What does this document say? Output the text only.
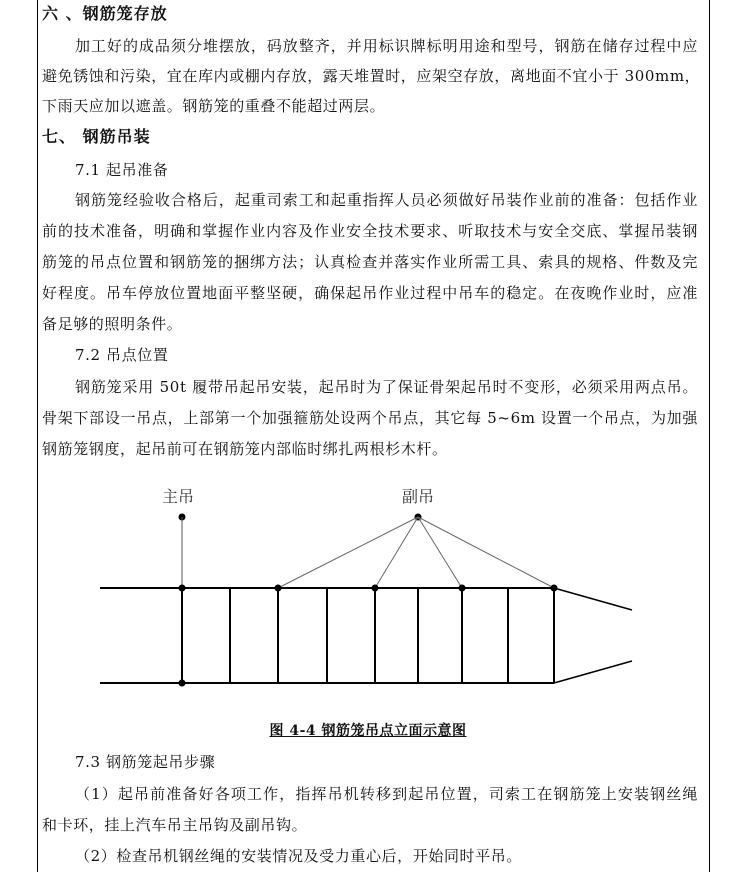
六 、钢筋笼存放
加工好的成品须分堆摆放，码放整齐，并用标识牌标明用途和型号，钢筋在储存过程中应
避免锈蚀和污染，宜在库内或棚内存放，露天堆置时，应架空存放，离地面不宜小于 300mm，
下雨天应加以遮盖。钢筋笼的重叠不能超过两层。
七、 钢筋吊装
7.1 起吊准备
钢筋笼经验收合格后，起重司索工和起重指挥人员必须做好吊装作业前的准备：包括作业
前的技术准备，明确和掌握作业内容及作业安全技术要求、听取技术与安全交底、掌握吊装钢
筋笼的吊点位置和钢筋笼的捆绑方法；认真检查并落实作业所需工具、索具的规格、件数及完
好程度。吊车停放位置地面平整坚硬，确保起吊作业过程中吊车的稳定。在夜晚作业时，应准
备足够的照明条件。
7.2 吊点位置
钢筋笼采用 50t 履带吊起吊安装，起吊时为了保证骨架起吊时不变形，必须采用两点吊。
骨架下部设一吊点，上部第一个加强箍筋处设两个吊点，其它每 5~6m 设置一个吊点，为加强
钢筋笼钢度，起吊前可在钢筋笼内部临时绑扎两根杉木杆。
主吊	副吊
图 4-4 钢筋笼吊点立面示意图
7.3 钢筋笼起吊步骤
（1）起吊前准备好各项工作，指挥吊机转移到起吊位置，司索工在钢筋笼上安装钢丝绳
和卡环，挂上汽车吊主吊钩及副吊钩。
（2）检查吊机钢丝绳的安装情况及受力重心后，开始同时平吊。
